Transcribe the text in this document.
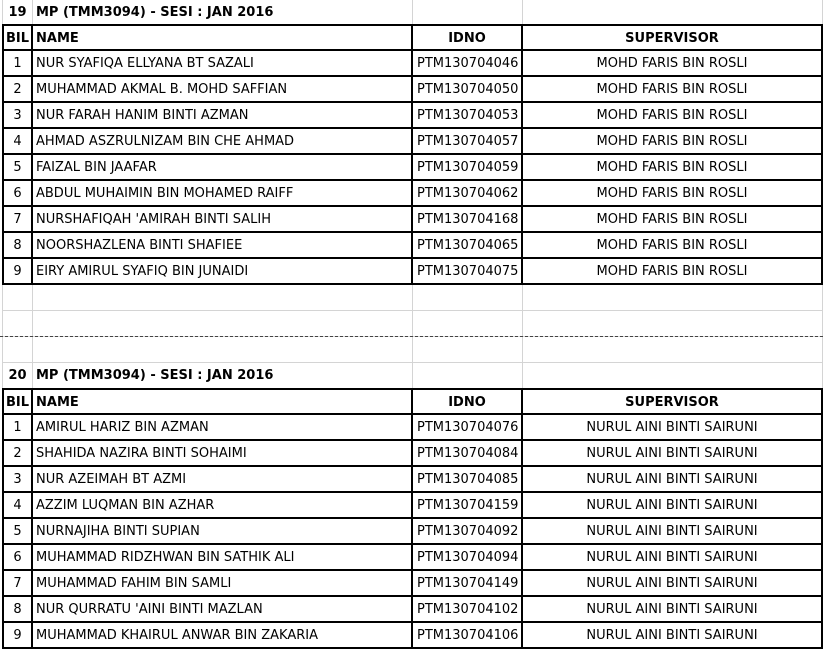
19 MP (TMM3094) - SESI : JAN 2016
BIL NAME	IDNO	SUPERVISOR
1	NUR SYAFIQA ELLYANA BT SAZALI	PTM130704046	MOHD FARIS BIN ROSLI
2	MUHAMMAD AKMAL B. MOHD SAFFIAN	PTM130704050	MOHD FARIS BIN ROSLI
3	NUR FARAH HANIM BINTI AZMAN	PTM130704053	MOHD FARIS BIN ROSLI
4	AHMAD ASZRULNIZAM BIN CHE AHMAD	PTM130704057	MOHD FARIS BIN ROSLI
5	FAIZAL BIN JAAFAR	PTM130704059	MOHD FARIS BIN ROSLI
6	ABDUL MUHAIMIN BIN MOHAMED RAIFF	PTM130704062	MOHD FARIS BIN ROSLI
7	NURSHAFIQAH 'AMIRAH BINTI SALIH	PTM130704168	MOHD FARIS BIN ROSLI
8	NOORSHAZLENA BINTI SHAFIEE	PTM130704065	MOHD FARIS BIN ROSLI
9	EIRY AMIRUL SYAFIQ BIN JUNAIDI	PTM130704075	MOHD FARIS BIN ROSLI
20 MP (TMM3094) - SESI : JAN 2016
BIL NAME	IDNO	SUPERVISOR
1	AMIRUL HARIZ BIN AZMAN	PTM130704076	NURUL AINI BINTI SAIRUNI
2	SHAHIDA NAZIRA BINTI SOHAIMI	PTM130704084	NURUL AINI BINTI SAIRUNI
3	NUR AZEIMAH BT AZMI	PTM130704085	NURUL AINI BINTI SAIRUNI
4	AZZIM LUQMAN BIN AZHAR	PTM130704159	NURUL AINI BINTI SAIRUNI
5	NURNAJIHA BINTI SUPIAN	PTM130704092	NURUL AINI BINTI SAIRUNI
6	MUHAMMAD RIDZHWAN BIN SATHIK ALI	PTM130704094	NURUL AINI BINTI SAIRUNI
7	MUHAMMAD FAHIM BIN SAMLI	PTM130704149	NURUL AINI BINTI SAIRUNI
8	NUR QURRATU 'AINI BINTI MAZLAN	PTM130704102	NURUL AINI BINTI SAIRUNI
9	MUHAMMAD KHAIRUL ANWAR BIN ZAKARIA	PTM130704106	NURUL AINI BINTI SAIRUNI
